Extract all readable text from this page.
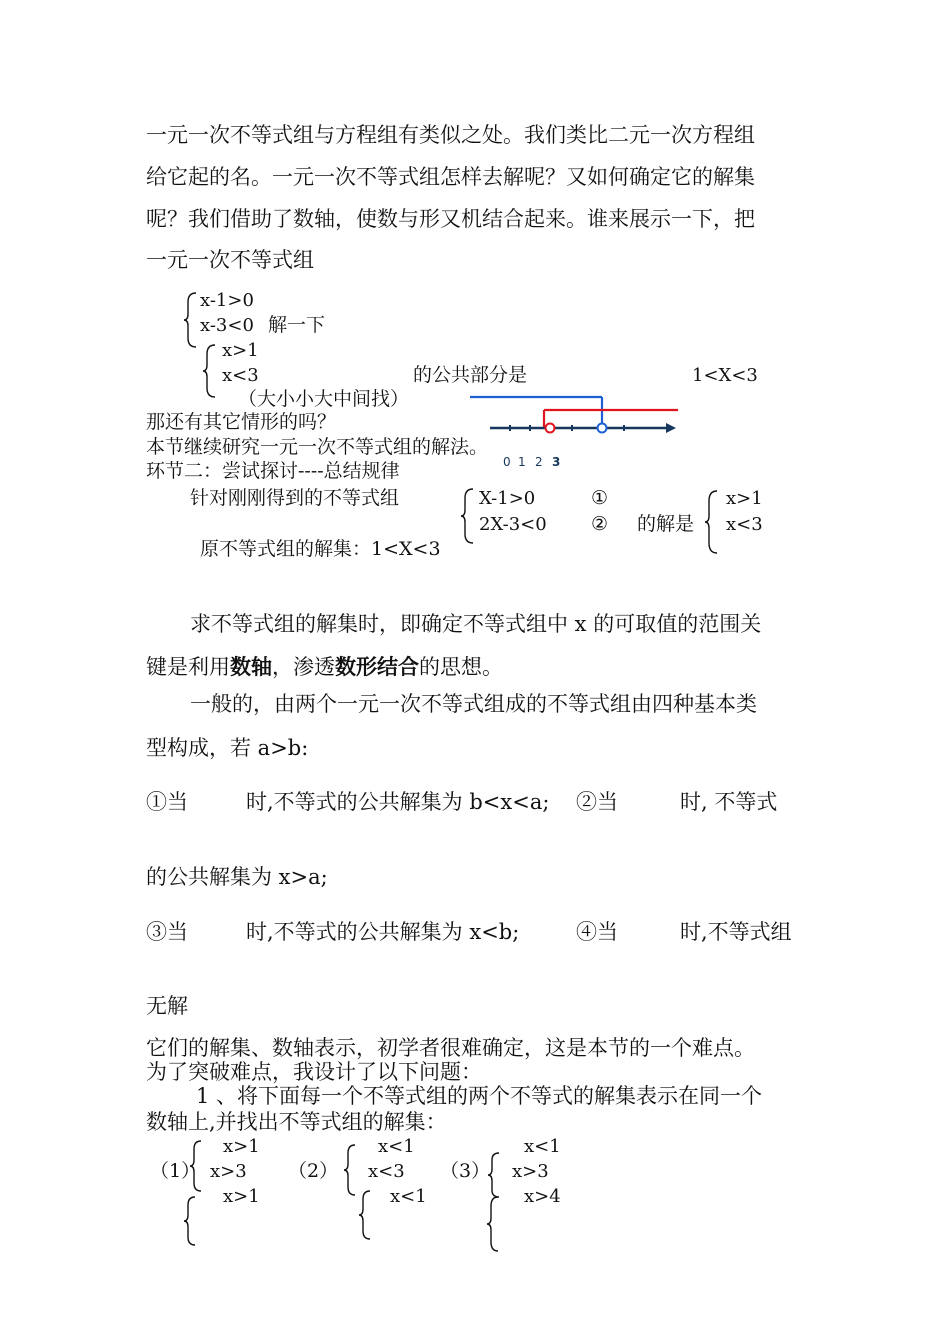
一元一次不等式组与方程组有类似之处。我们类比二元一次方程组
给它起的名。一元一次不等式组怎样去解呢？又如何确定它的解集
呢？我们借助了数轴，使数与形又机结合起来。谁来展示一下，把
一元一次不等式组
x-1>0
x-3<0 解一下
x>1
x<3	的公共部分是	1<X<3
（大小小大中间找）
0 1 2 3
那还有其它情形的吗？
本节继续研究一元一次不等式组的解法。
环节二：尝试探讨----总结规律
针对刚刚得到的不等式组	X-1>0
2X-3<0
①
② 的解是
x>1
x<3
原不等式组的解集：1<X<3
求不等式组的解集时，即确定不等式组中 x 的可取值的范围关
键是利用数轴，渗透数形结合的思想。
一般的，由两个一元一次不等式组成的不等式组由四种基本类
型构成，若 a>b:
①当	时,不等式的公共解集为 b<x<a; ②当	时, 不等式
的公共解集为 x>a;
③当	时,不等式的公共解集为 x<b;	④当	时,不等式组
无解
它们的解集、数轴表示，初学者很难确定，这是本节的一个难点。
为了突破难点，我设计了以下问题：
1 、将下面每一个不等式组的两个不等式的解集表示在同一个
数轴上,并找出不等式组的解集：
x>1
（1） x>3
x>1
x<1
（2） x<3
x<1
x<1
（3） x>3
x>4
